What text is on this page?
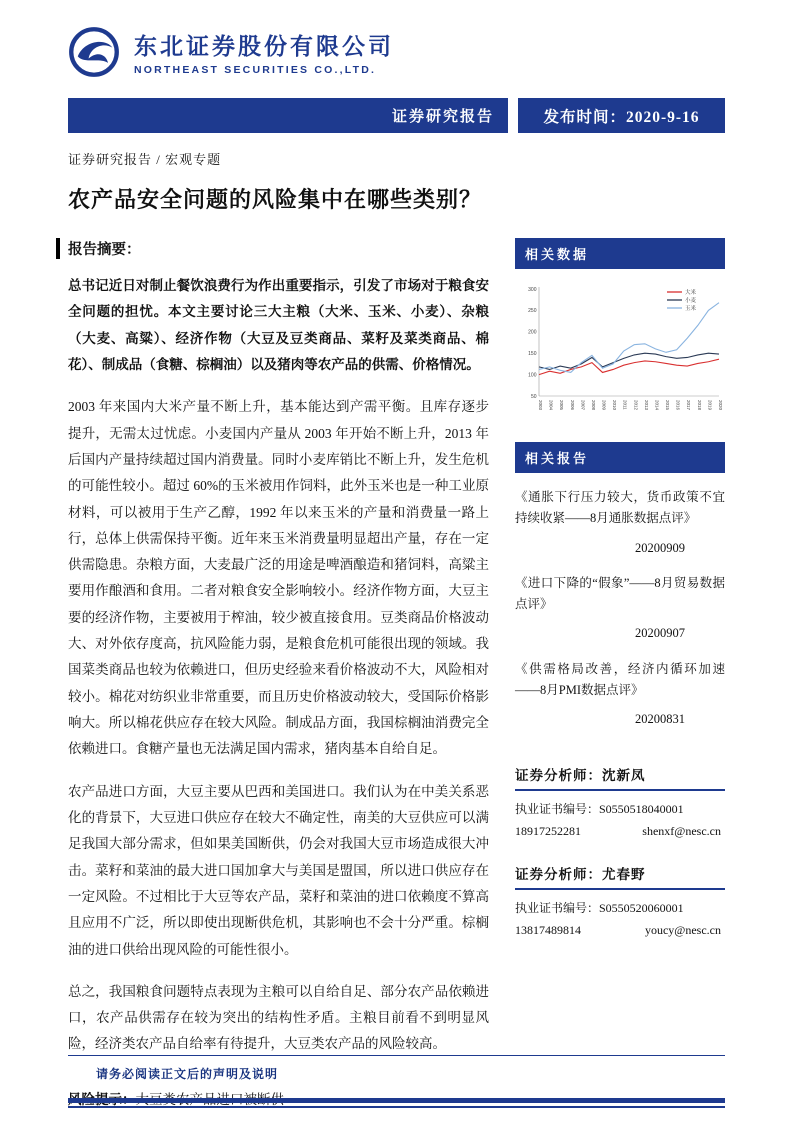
东北证券股份有限公司
NORTHEAST SECURITIES CO.,LTD.
证券研究报告	发布时间：2020-9-16
证券研究报告 / 宏观专题
农产品安全问题的风险集中在哪些类别？
报告摘要：

总书记近日对制止餐饮浪费行为作出重要指示，引发了市场对于粮食安全问题的担忧。本文主要讨论三大主粮（大米、玉米、小麦）、杂粮（大麦、高粱）、经济作物（大豆及豆类商品、菜籽及菜类商品、棉花）、制成品（食糖、棕榈油）以及猪肉等农产品的供需、价格情况。

2003 年来国内大米产量不断上升，基本能达到产需平衡。且库存逐步提升，无需太过忧虑。小麦国内产量从 2003 年开始不断上升，2013 年后国内产量持续超过国内消费量。同时小麦库销比不断上升，发生危机的可能性较小。超过 60%的玉米被用作饲料，此外玉米也是一种工业原材料，可以被用于生产乙醇，1992 年以来玉米的产量和消费量一路上行，总体上供需保持平衡。近年来玉米消费量明显超出产量，存在一定供需隐患。杂粮方面，大麦最广泛的用途是啤酒酿造和猪饲料，高粱主要用作酿酒和食用。二者对粮食安全影响较小。经济作物方面，大豆主要的经济作物，主要被用于榨油，较少被直接食用。豆类商品价格波动大、对外依存度高，抗风险能力弱，是粮食危机可能很出现的领域。我国菜类商品也较为依赖进口，但历史经验来看价格波动不大，风险相对较小。棉花对纺织业非常重要，而且历史价格波动较大，受国际价格影响大。所以棉花供应存在较大风险。制成品方面，我国棕榈油消费完全依赖进口。食糖产量也无法满足国内需求，猪肉基本自给自足。

农产品进口方面，大豆主要从巴西和美国进口。我们认为在中美关系恶化的背景下，大豆进口供应存在较大不确定性，南美的大豆供应可以满足我国大部分需求，但如果美国断供，仍会对我国大豆市场造成很大冲击。菜籽和菜油的最大进口国加拿大与美国是盟国，所以进口供应存在一定风险。不过相比于大豆等农产品，菜籽和菜油的进口依赖度不算高且应用不广泛，所以即使出现断供危机，其影响也不会十分严重。棕榈油的进口供给出现风险的可能性很小。

总之，我国粮食问题特点表现为主粮可以自给自足、部分农产品依赖进口，农产品供需存在较为突出的结构性矛盾。主粮目前看不到明显风险，经济类农产品自给率有待提升，大豆类农产品的风险较高。

相关数据
50
100
150
200
250
300
2003 2004 2005 2006 2007 2008 2009 2010 2011 2012 2013 2014 2015 2016 2017 2018 2019 2020
大米
小麦
玉米
相关报告
《通胀下行压力较大，货币政策不宜持续收紧——8月通胀数据点评》
20200909
《进口下降的“假象”——8月贸易数据点评》
20200907
《供需格局改善，经济内循环加速 ——8月PMI数据点评》
20200831
证券分析师：沈新凤
执业证书编号：S0550518040001
18917252281	shenxf@nesc.cn
证券分析师：尤春野
执业证书编号：S0550520060001
13817489814	youcy@nesc.cn
请务必阅读正文后的声明及说明
